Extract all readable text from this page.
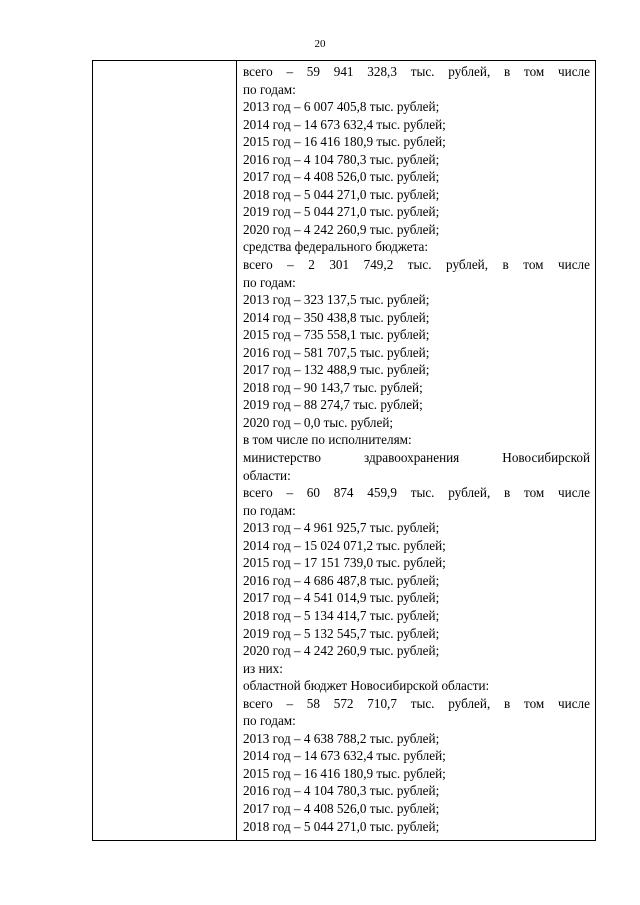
20
всего – 59 941 328,3 тыс. рублей, в том числе
по годам:
2013 год – 6 007 405,8 тыс. рублей;
2014 год – 14 673 632,4 тыс. рублей;
2015 год – 16 416 180,9 тыс. рублей;
2016 год – 4 104 780,3 тыс. рублей;
2017 год – 4 408 526,0 тыс. рублей;
2018 год – 5 044 271,0 тыс. рублей;
2019 год – 5 044 271,0 тыс. рублей;
2020 год – 4 242 260,9 тыс. рублей;
средства федерального бюджета:
всего – 2 301 749,2 тыс. рублей, в том числе
по годам:
2013 год – 323 137,5 тыс. рублей;
2014 год – 350 438,8 тыс. рублей;
2015 год – 735 558,1 тыс. рублей;
2016 год – 581 707,5 тыс. рублей;
2017 год – 132 488,9 тыс. рублей;
2018 год – 90 143,7 тыс. рублей;
2019 год – 88 274,7 тыс. рублей;
2020 год – 0,0 тыс. рублей;
в том числе по исполнителям:
министерство здравоохранения Новосибирской
области:
всего – 60 874 459,9 тыс. рублей, в том числе
по годам:
2013 год – 4 961 925,7 тыс. рублей;
2014 год – 15 024 071,2 тыс. рублей;
2015 год – 17 151 739,0 тыс. рублей;
2016 год – 4 686 487,8 тыс. рублей;
2017 год – 4 541 014,9 тыс. рублей;
2018 год – 5 134 414,7 тыс. рублей;
2019 год – 5 132 545,7 тыс. рублей;
2020 год – 4 242 260,9 тыс. рублей;
из них:
областной бюджет Новосибирской области:
всего – 58 572 710,7 тыс. рублей, в том числе
по годам:
2013 год – 4 638 788,2 тыс. рублей;
2014 год – 14 673 632,4 тыс. рублей;
2015 год – 16 416 180,9 тыс. рублей;
2016 год – 4 104 780,3 тыс. рублей;
2017 год – 4 408 526,0 тыс. рублей;
2018 год – 5 044 271,0 тыс. рублей;
